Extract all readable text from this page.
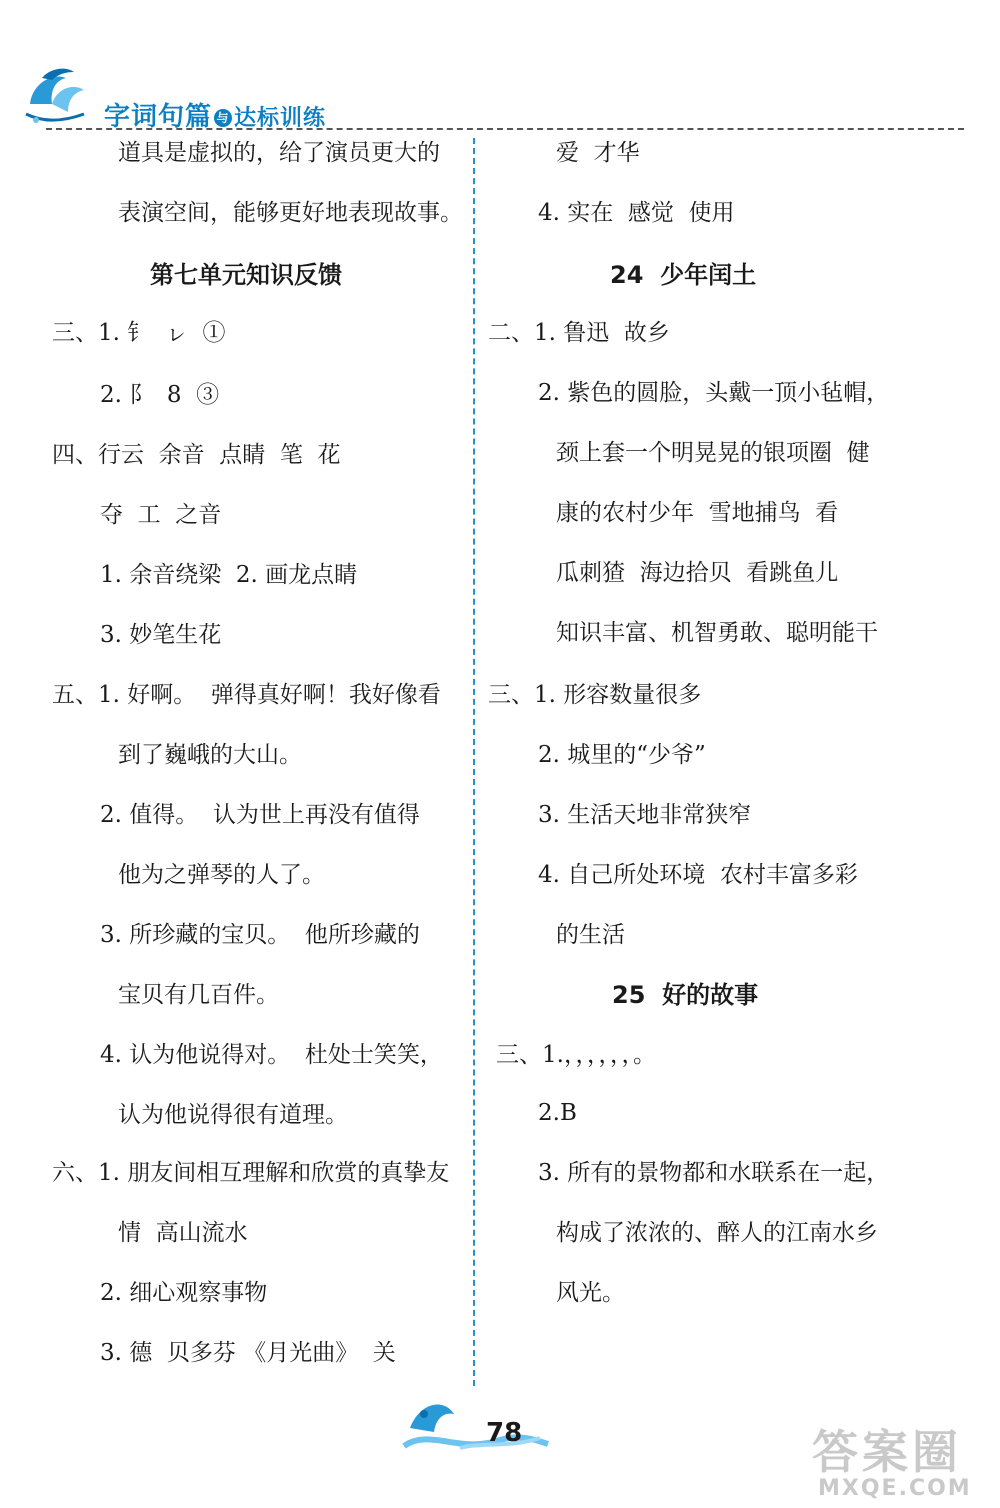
字词句篇 与 达标训练
道具是虚拟的，给了演员更大的
表演空间，能够更好地表现故事。
第七单元知识反馈
三、1. 钅  ㇾ  ①
2. 阝  8  ③
四、行云  余音  点睛  笔  花
夺  工  之音
1. 余音绕梁  2. 画龙点睛
3. 妙笔生花
五、1. 好啊。  弹得真好啊！我好像看
到了巍峨的大山。
2. 值得。  认为世上再没有值得
他为之弹琴的人了。
3. 所珍藏的宝贝。  他所珍藏的
宝贝有几百件。
4. 认为他说得对。  杜处士笑笑，
认为他说得很有道理。
六、1. 朋友间相互理解和欣赏的真挚友
情  高山流水
2. 细心观察事物
3. 德  贝多芬 《月光曲》  关
爱  才华
4. 实在  感觉  使用
24  少年闰土
二、1. 鲁迅  故乡
2. 紫色的圆脸，头戴一顶小毡帽，
颈上套一个明晃晃的银项圈  健
康的农村少年  雪地捕鸟  看
瓜刺猹  海边拾贝  看跳鱼儿
知识丰富、机智勇敢、聪明能干
三、1. 形容数量很多
2. 城里的“少爷”
3. 生活天地非常狭窄
4. 自己所处环境  农村丰富多彩
的生活
25  好的故事
三、1.，，，，，，。
2.B
3. 所有的景物都和水联系在一起，
构成了浓浓的、醉人的江南水乡
风光。
78	答案圈
MXQE.COM
